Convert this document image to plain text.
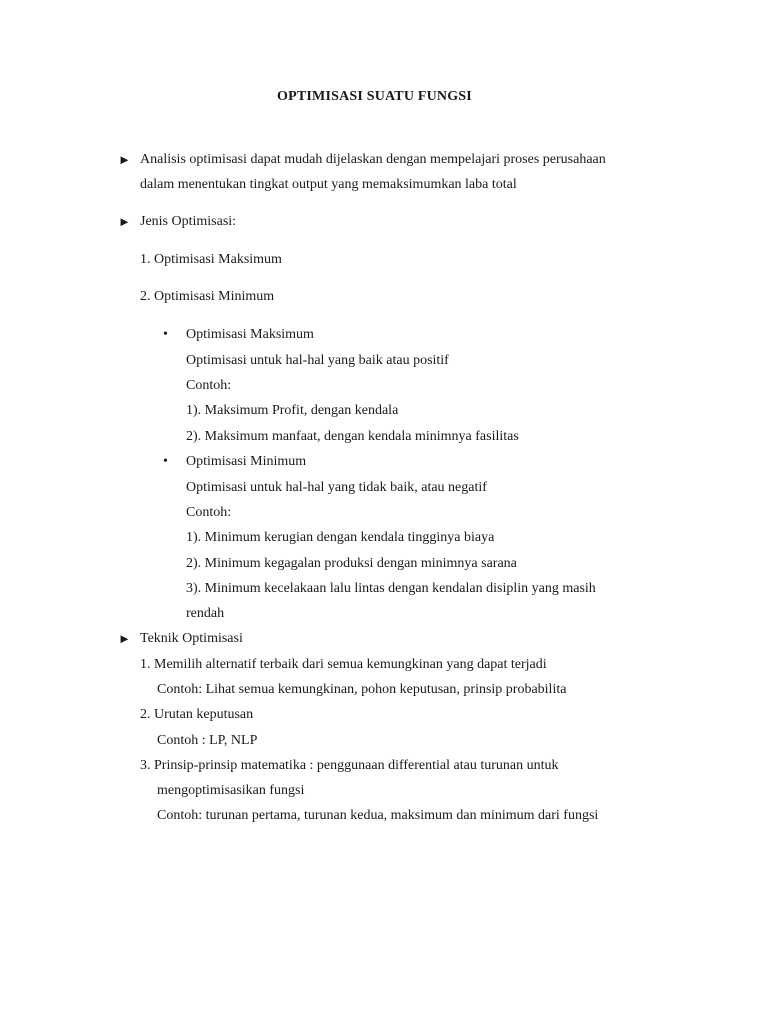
OPTIMISASI SUATU FUNGSI
► Analisis optimisasi dapat mudah dijelaskan dengan mempelajari proses perusahaan
dalam menentukan tingkat output yang memaksimumkan laba total
► Jenis Optimisasi:
1. Optimisasi Maksimum
2. Optimisasi Minimum
• Optimisasi Maksimum
Optimisasi untuk hal-hal yang baik atau positif
Contoh:
1). Maksimum Profit, dengan kendala
2). Maksimum manfaat, dengan kendala minimnya fasilitas
• Optimisasi Minimum
Optimisasi untuk hal-hal yang tidak baik, atau negatif
Contoh:
1). Minimum kerugian dengan kendala tingginya biaya
2). Minimum kegagalan produksi dengan minimnya sarana
3). Minimum kecelakaan lalu lintas dengan kendalan disiplin yang masih
rendah
► Teknik Optimisasi
1. Memilih alternatif terbaik dari semua kemungkinan yang dapat terjadi
Contoh: Lihat semua kemungkinan, pohon keputusan, prinsip probabilita
2. Urutan keputusan
Contoh : LP, NLP
3. Prinsip-prinsip matematika : penggunaan differential atau turunan untuk
mengoptimisasikan fungsi
Contoh: turunan pertama, turunan kedua, maksimum dan minimum dari fungsi
